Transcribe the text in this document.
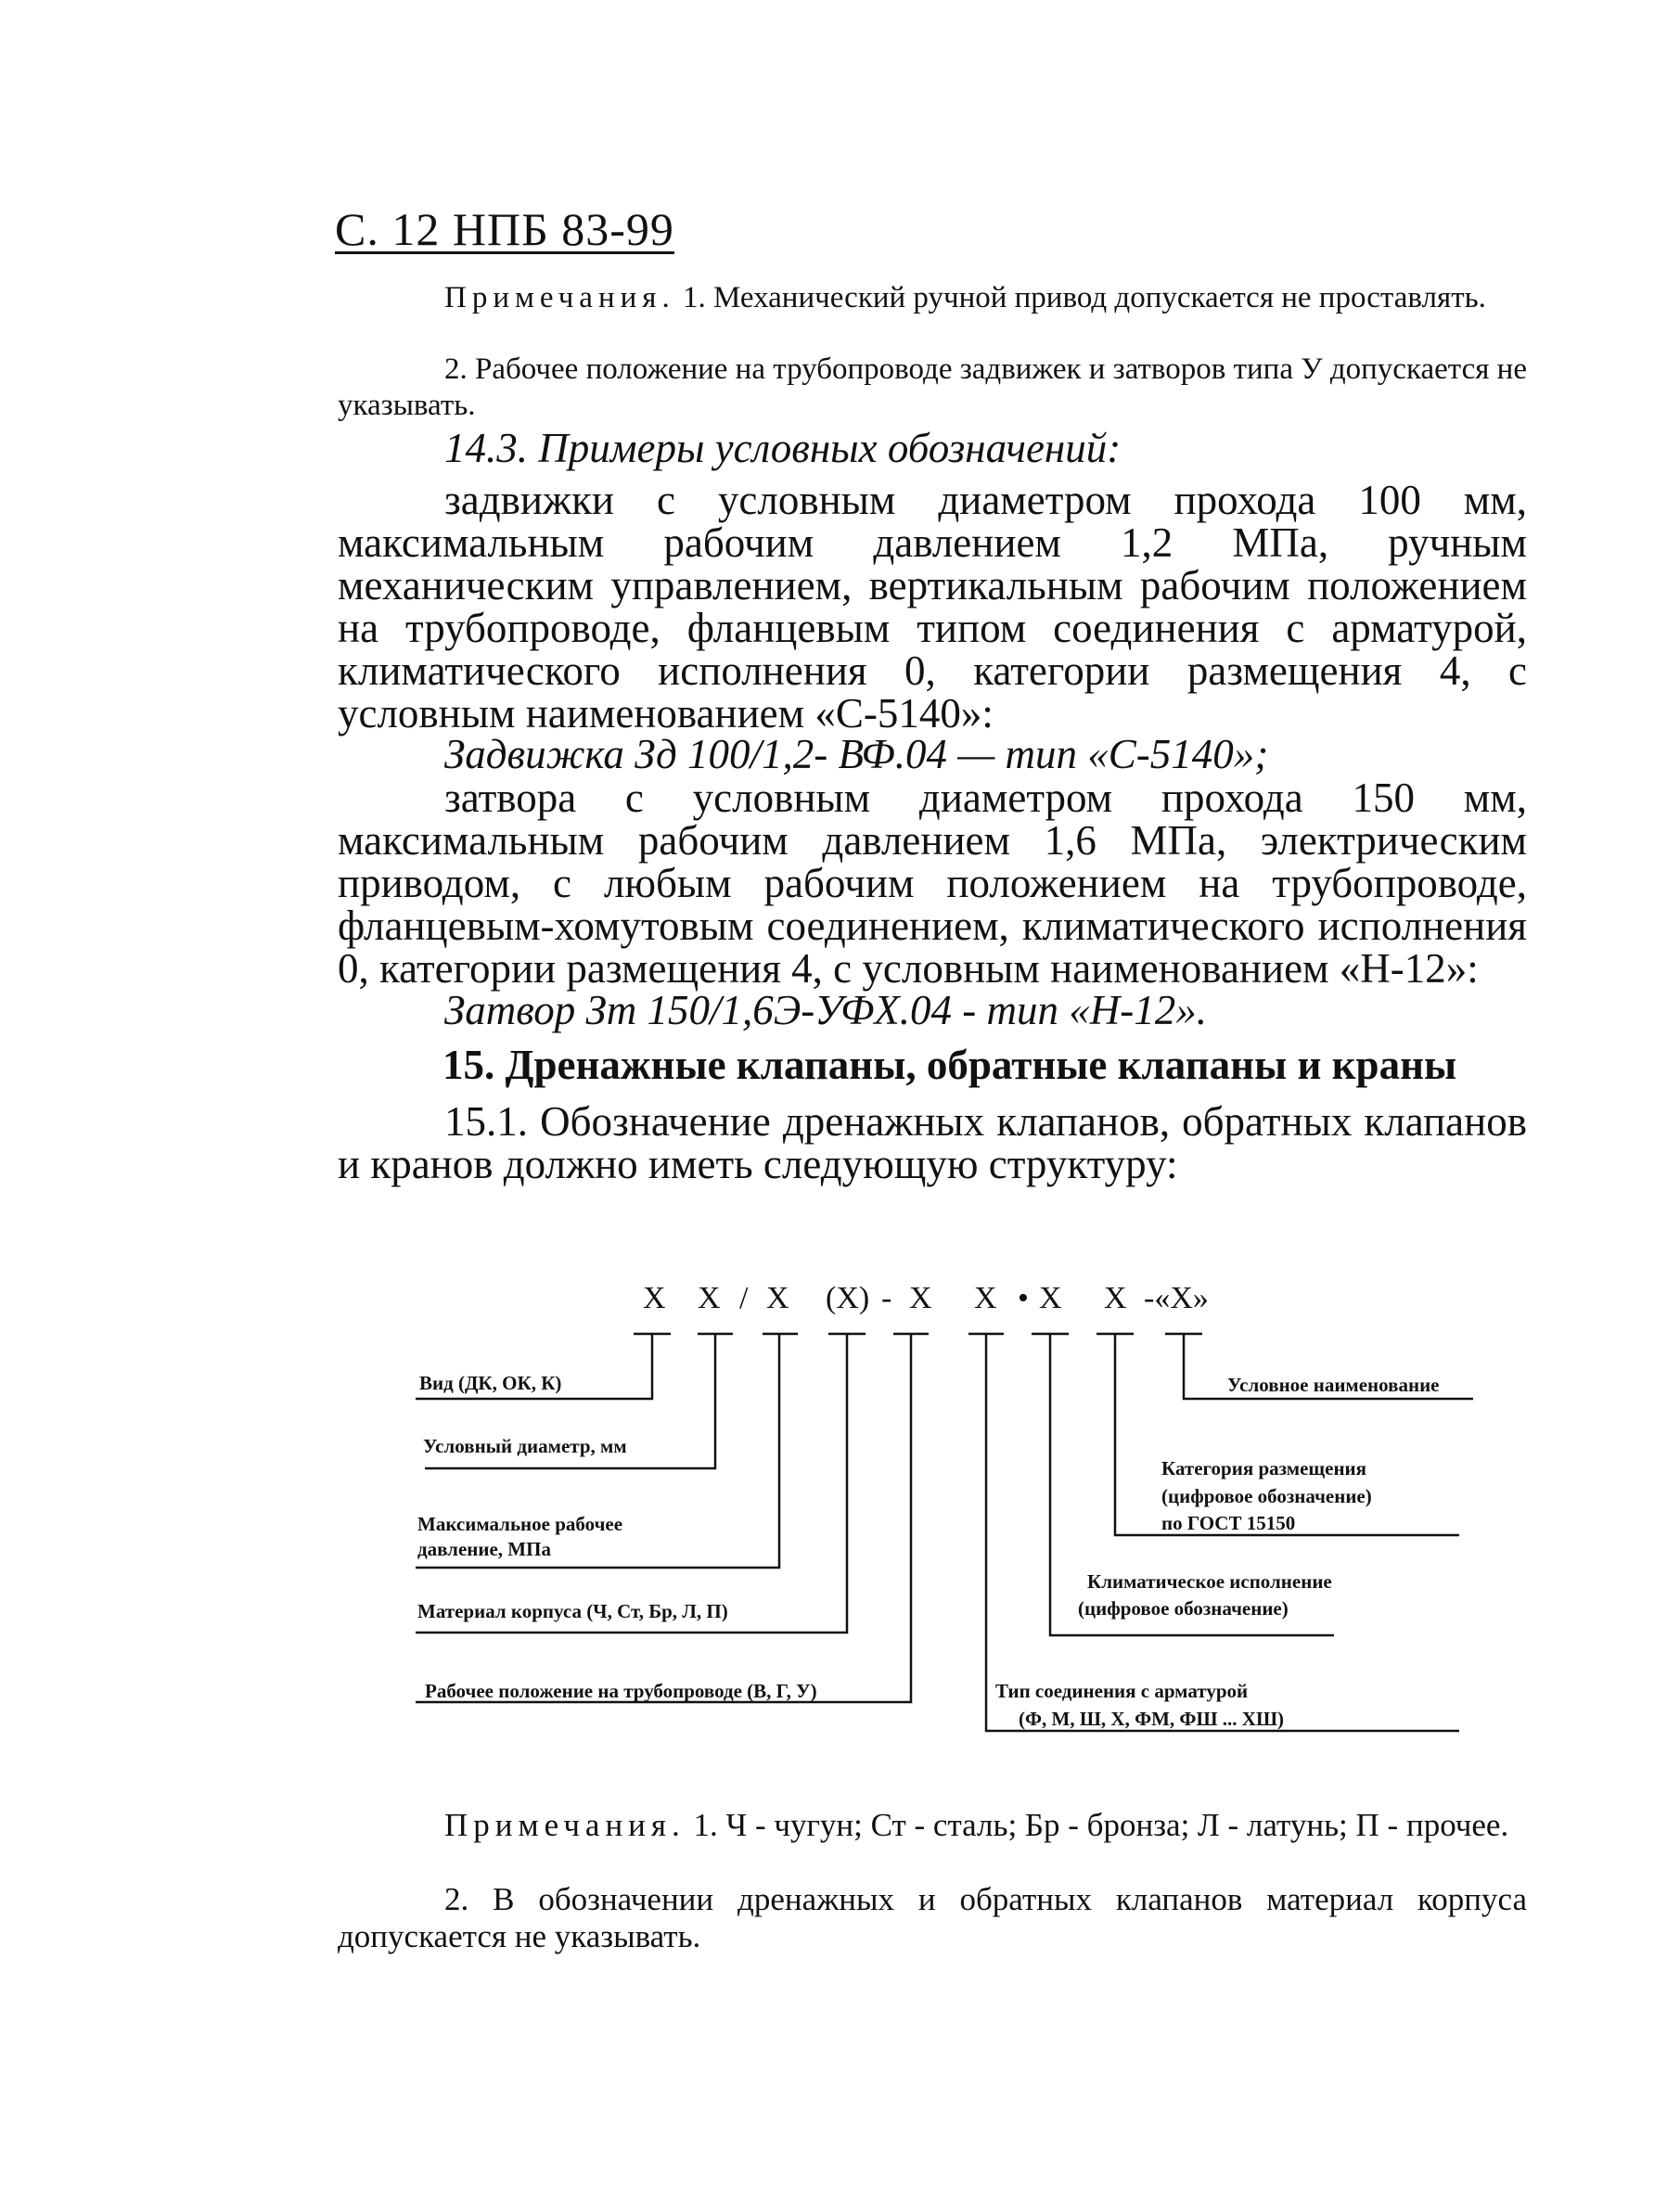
С. 12 НПБ 83-99
Примечания. 1. Механический ручной привод допускается не проставлять.
2. Рабочее положение на трубопроводе задвижек и затворов типа У допускается не указывать.
14.3. Примеры условных обозначений:
задвижки с условным диаметром прохода 100 мм, максимальным рабочим давлением 1,2 МПа, ручным механическим управлением, вертикальным рабочим положением на трубопроводе, фланцевым типом соединения с арматурой, климатического исполнения 0, категории размещения 4, с условным наименованием «С-5140»:
Задвижка Зд 100/1,2- ВФ.04 — тип «С-5140»;
затвора с условным диаметром прохода 150 мм, максимальным рабочим давлением 1,6 МПа, электрическим приводом, с любым рабочим положением на трубопроводе, фланцевым-хомутовым соединением, климатического исполнения 0, категории размещения 4, с условным наименованием «Н-12»:
Затвор Зт 150/1,6Э-УФХ.04 - тип «Н-12».
15. Дренажные клапаны, обратные клапаны и краны
15.1. Обозначение дренажных клапанов, обратных клапанов и кранов должно иметь следующую структуру:
Х Х / Х (Х) - Х Х • Х Х -«Х»
Вид (ДК, ОК, К)
Условный диаметр, мм
Максимальное рабочее
давление, МПа
Материал корпуса (Ч, Ст, Бр, Л, П)
Рабочее положение на трубопроводе (В, Г, У)
Условное наименование
Категория размещения
(цифровое обозначение)
по ГОСТ 15150
Климатическое исполнение
(цифровое обозначение)
Тип соединения с арматурой
(Ф, М, Ш, Х, ФМ, ФШ ... ХШ)
Примечания. 1. Ч - чугун; Ст - сталь; Бр - бронза; Л - латунь; П - прочее.
2. В обозначении дренажных и обратных клапанов материал корпуса допускается не указывать.
